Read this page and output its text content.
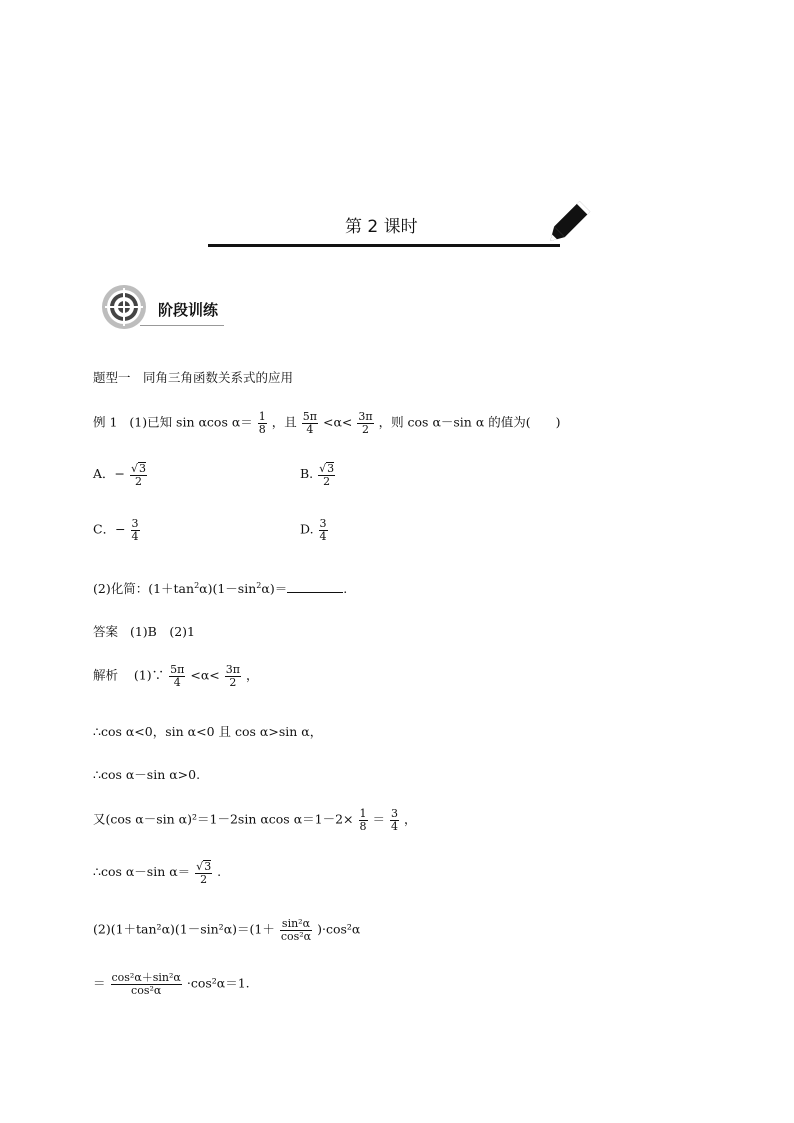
第 2 课时
阶段训练
题型一　同角三角函数关系式的应用
例 1 (1)已知 sin αcos $\alpha= \frac{1}{8}$ ，且 $\frac{5\pi}{4} <\alpha< \frac{3\pi}{2}$ ，则 cos α－sin α 的值为(　　)
A．− $\frac{√3}{2}$	B. $\frac{√3}{2}$
C．− $\frac{3}{4}$	D. $\frac{3}{4}$
(2)化简：$(1+\tan^2\alpha)(1-\sin^2\alpha)=$	.
答案 (1)B　(2)1
解析 (1)∵ $\frac{5\pi}{4} <\alpha< \frac{3\pi}{2}$ ，
∴cos α<0，sin α<0 且 cos α>sin α，
∴cos α－sin α>0.
又(cos α－sin α)²＝1－2sin αcos $\alpha=1-2\times \frac{1}{8} = \frac{3}{4}$ ，
∴cos α－sin $\alpha= \frac{√3}{2}$ .
$(2)(1+\tan^2\alpha)(1-\sin^2\alpha)=(1+ \frac{\text{sin²α}}{\text{cos²α}} )\cdot\cos^2\alpha$
＝ $\frac{\text{cos²α＋sin²α}}{\text{cos²α}} \cdot\cos^2\alpha=1$.
